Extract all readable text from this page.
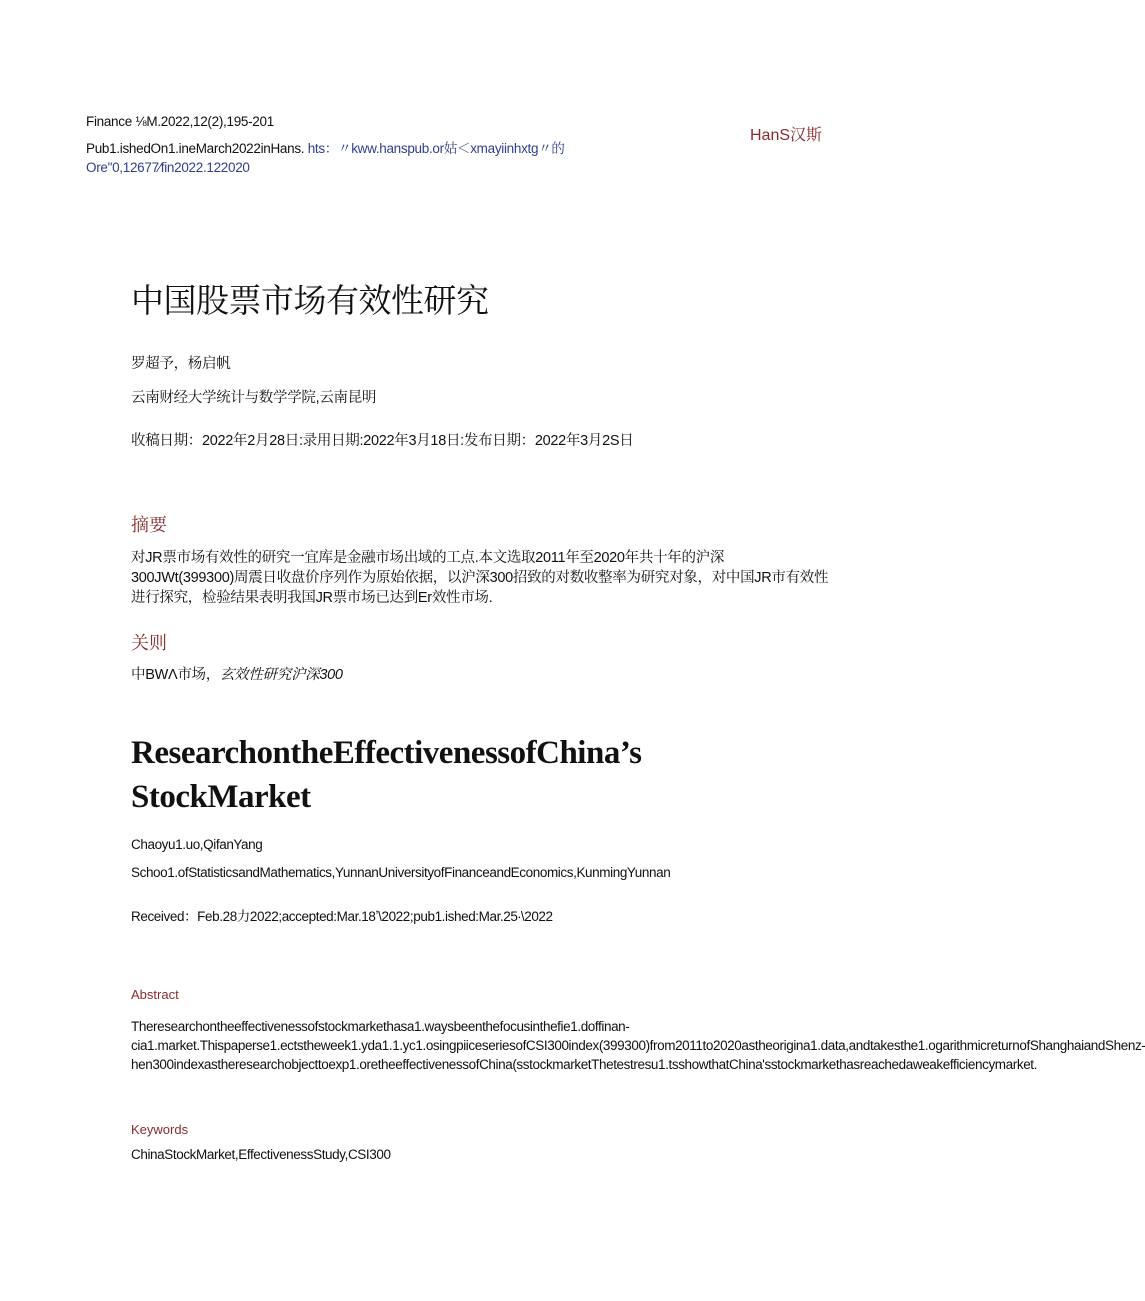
Finance ⅛M.2022,12(2),195-201
Pub1.ishedOn1.ineMarch2022inHans. hts：〃kww.hanspub.or姑＜xmayiinhxtg〃的
Ore"0,12677∕fin2022.122020
HanS汉斯
中国股票市场有效性研究
罗超予，杨启帆
云南财经大学统计与数学学院,云南昆明
收稿日期：2022年2月28日:录用日期:2022年3月18日:发布日期：2022年3月2S日
摘要
对JR票市场有效性的研究一宜库是金融市场出域的工点.本文选取2011年至2020年共十年的沪深
300JWt(399300)周震日收盘价序列作为原始依据，以沪深300招致的对数收整率为研究对象，对中国JR市有效性
进行探究，检验结果表明我国JR票市场已达到Er效性市场.
关则
中BWΛ市场，玄效性研究沪深300
ResearchontheEffectivenessofChina’s StockMarket
Chaoyu1.uo,QifanYang
Schoo1.ofStatisticsandMathematics,YunnanUniversityofFinanceandEconomics,KunmingYunnan
Received：Feb.28力2022;accepted:Mar.18ʼ\2022;pub1.ished:Mar.25∙\2022
Abstract
Theresearchontheeffectivenessofstockmarkethasa1.waysbeenthefocusinthefie1.doffinan-cia1.market.Thispaperse1.ectstheweek1.yda1.1.yc1.osingpiiceseriesofCSI300index(399300)from2011to2020astheorigina1.data,andtakesthe1.ogarithmicreturnofShanghaiandShenz-hen300indexastheresearchobjecttoexp1.oretheeffectivenessofChina(sstockmarketThetestresu1.tsshowthatChina'sstockmarkethasreachedaweakefficiencymarket.
Keywords
ChinaStockMarket,EffectivenessStudy,CSI300
